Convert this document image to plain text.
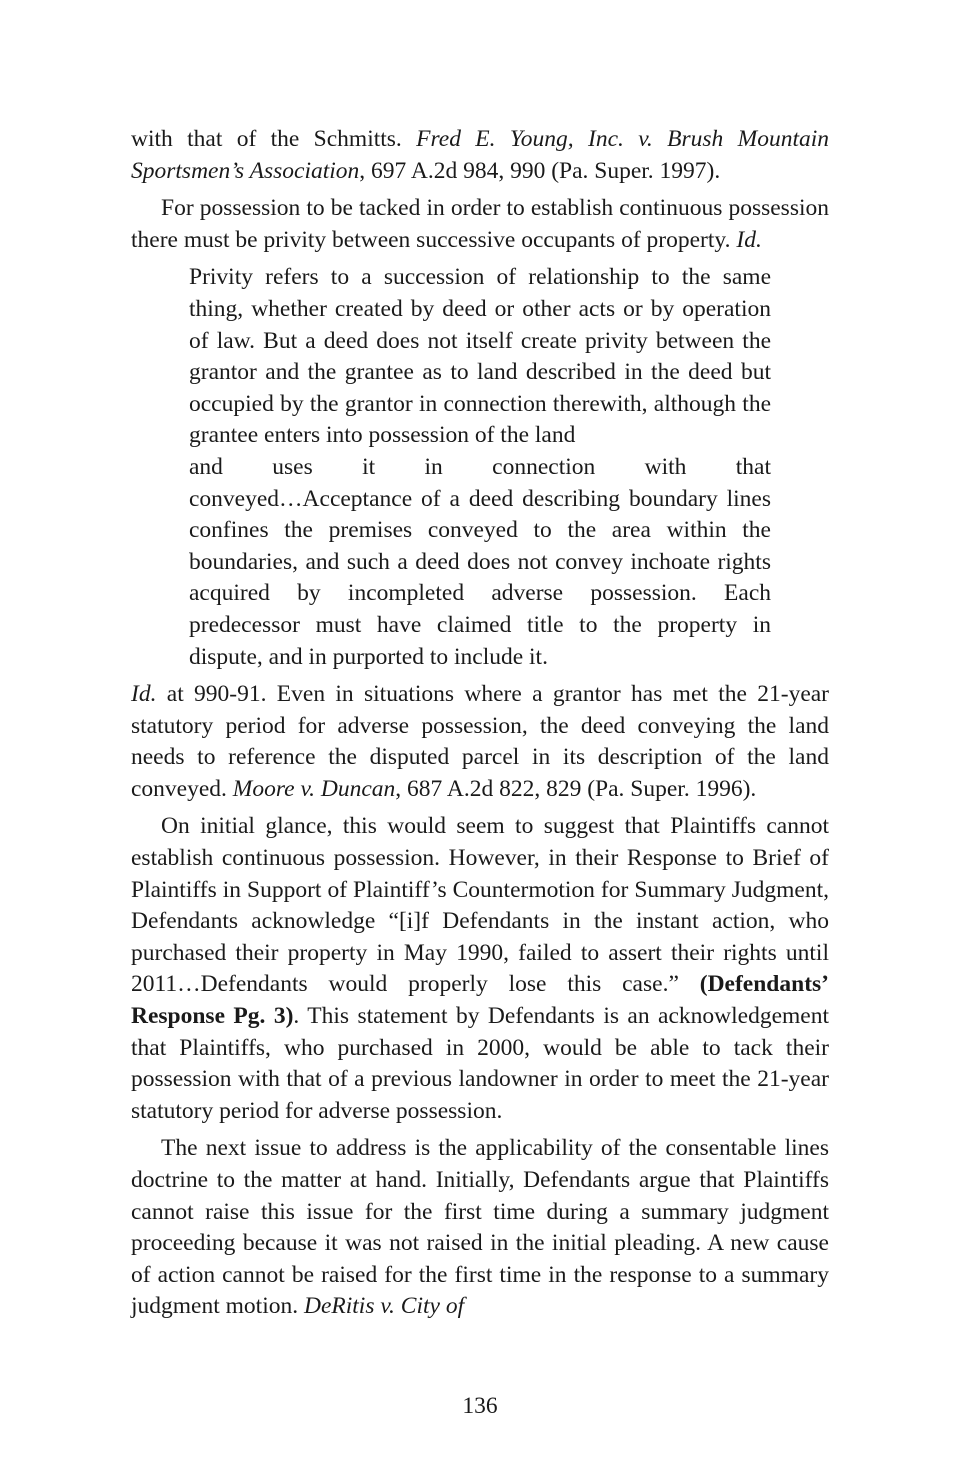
with that of the Schmitts. Fred E. Young, Inc. v. Brush Mountain Sportsmen’s Association, 697 A.2d 984, 990 (Pa. Super. 1997).

For possession to be tacked in order to establish continuous possession there must be privity between successive occupants of property. Id.

Privity refers to a succession of relationship to the same thing, whether created by deed or other acts or by operation of law. But a deed does not itself create privity between the grantor and the grantee as to land described in the deed but occupied by the grantor in connection therewith, although the grantee enters into possession of the land
and uses it in connection with that
conveyed…Acceptance of a deed describing boundary lines confines the premises conveyed to the area within the boundaries, and such a deed does not convey inchoate rights acquired by incompleted adverse possession. Each predecessor must have claimed title to the property in dispute, and in purported to include it.

Id. at 990-91. Even in situations where a grantor has met the 21-year statutory period for adverse possession, the deed conveying the land needs to reference the disputed parcel in its description of the land conveyed. Moore v. Duncan, 687 A.2d 822, 829 (Pa. Super. 1996).

On initial glance, this would seem to suggest that Plaintiffs cannot establish continuous possession. However, in their Response to Brief of Plaintiffs in Support of Plaintiff’s Countermotion for Summary Judgment, Defendants acknowledge “[i]f Defendants in the instant action, who purchased their property in May 1990, failed to assert their rights until 2011…Defendants would properly lose this case.” (Defendants’ Response Pg. 3). This statement by Defendants is an acknowledgement that Plaintiffs, who purchased in 2000, would be able to tack their possession with that of a previous landowner in order to meet the 21-year statutory period for adverse possession.

The next issue to address is the applicability of the consentable lines doctrine to the matter at hand. Initially, Defendants argue that Plaintiffs cannot raise this issue for the first time during a summary judgment proceeding because it was not raised in the initial pleading. A new cause of action cannot be raised for the first time in the response to a summary judgment motion. DeRitis v. City of

136
